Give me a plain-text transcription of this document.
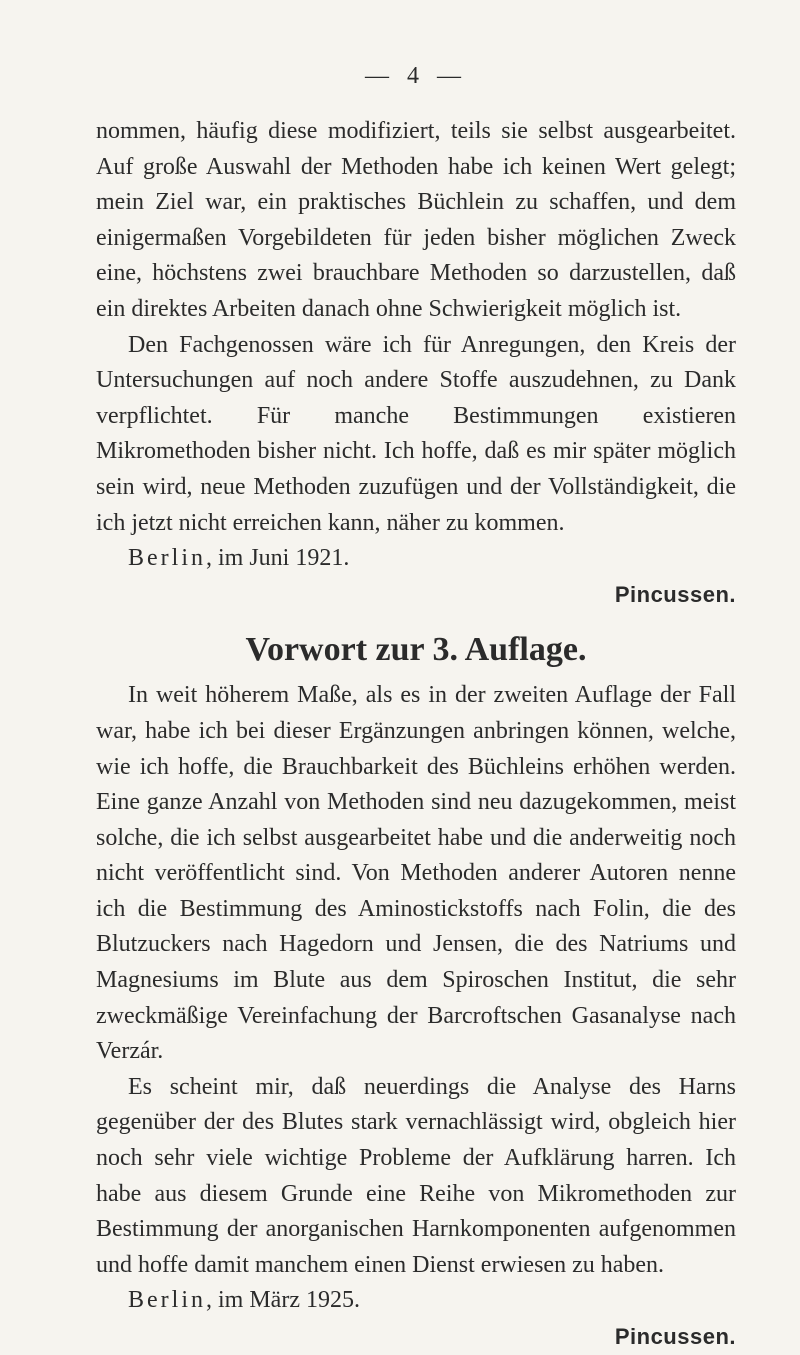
— 4 —

nommen, häufig diese modifiziert, teils sie selbst ausgearbeitet. Auf große Auswahl der Methoden habe ich keinen Wert gelegt; mein Ziel war, ein praktisches Büchlein zu schaffen, und dem einigermaßen Vorgebildeten für jeden bisher möglichen Zweck eine, höchstens zwei brauchbare Methoden so darzustellen, daß ein direktes Arbeiten danach ohne Schwierigkeit möglich ist.

Den Fachgenossen wäre ich für Anregungen, den Kreis der Untersuchungen auf noch andere Stoffe auszudehnen, zu Dank verpflichtet. Für manche Bestimmungen existieren Mikromethoden bisher nicht. Ich hoffe, daß es mir später möglich sein wird, neue Methoden zuzufügen und der Vollständigkeit, die ich jetzt nicht erreichen kann, näher zu kommen.

Berlin, im Juni 1921.
Pincussen.
Vorwort zur 3. Auflage.

In weit höherem Maße, als es in der zweiten Auflage der Fall war, habe ich bei dieser Ergänzungen anbringen können, welche, wie ich hoffe, die Brauchbarkeit des Büchleins erhöhen werden. Eine ganze Anzahl von Methoden sind neu dazugekommen, meist solche, die ich selbst ausgearbeitet habe und die anderweitig noch nicht veröffentlicht sind. Von Methoden anderer Autoren nenne ich die Bestimmung des Aminostickstoffs nach Folin, die des Blutzuckers nach Hagedorn und Jensen, die des Natriums und Magnesiums im Blute aus dem Spiroschen Institut, die sehr zweckmäßige Vereinfachung der Barcroftschen Gasanalyse nach Verzár.

Es scheint mir, daß neuerdings die Analyse des Harns gegenüber der des Blutes stark vernachlässigt wird, obgleich hier noch sehr viele wichtige Probleme der Aufklärung harren. Ich habe aus diesem Grunde eine Reihe von Mikromethoden zur Bestimmung der anorganischen Harnkomponenten aufgenommen und hoffe damit manchem einen Dienst erwiesen zu haben.

Berlin, im März 1925.
Pincussen.
